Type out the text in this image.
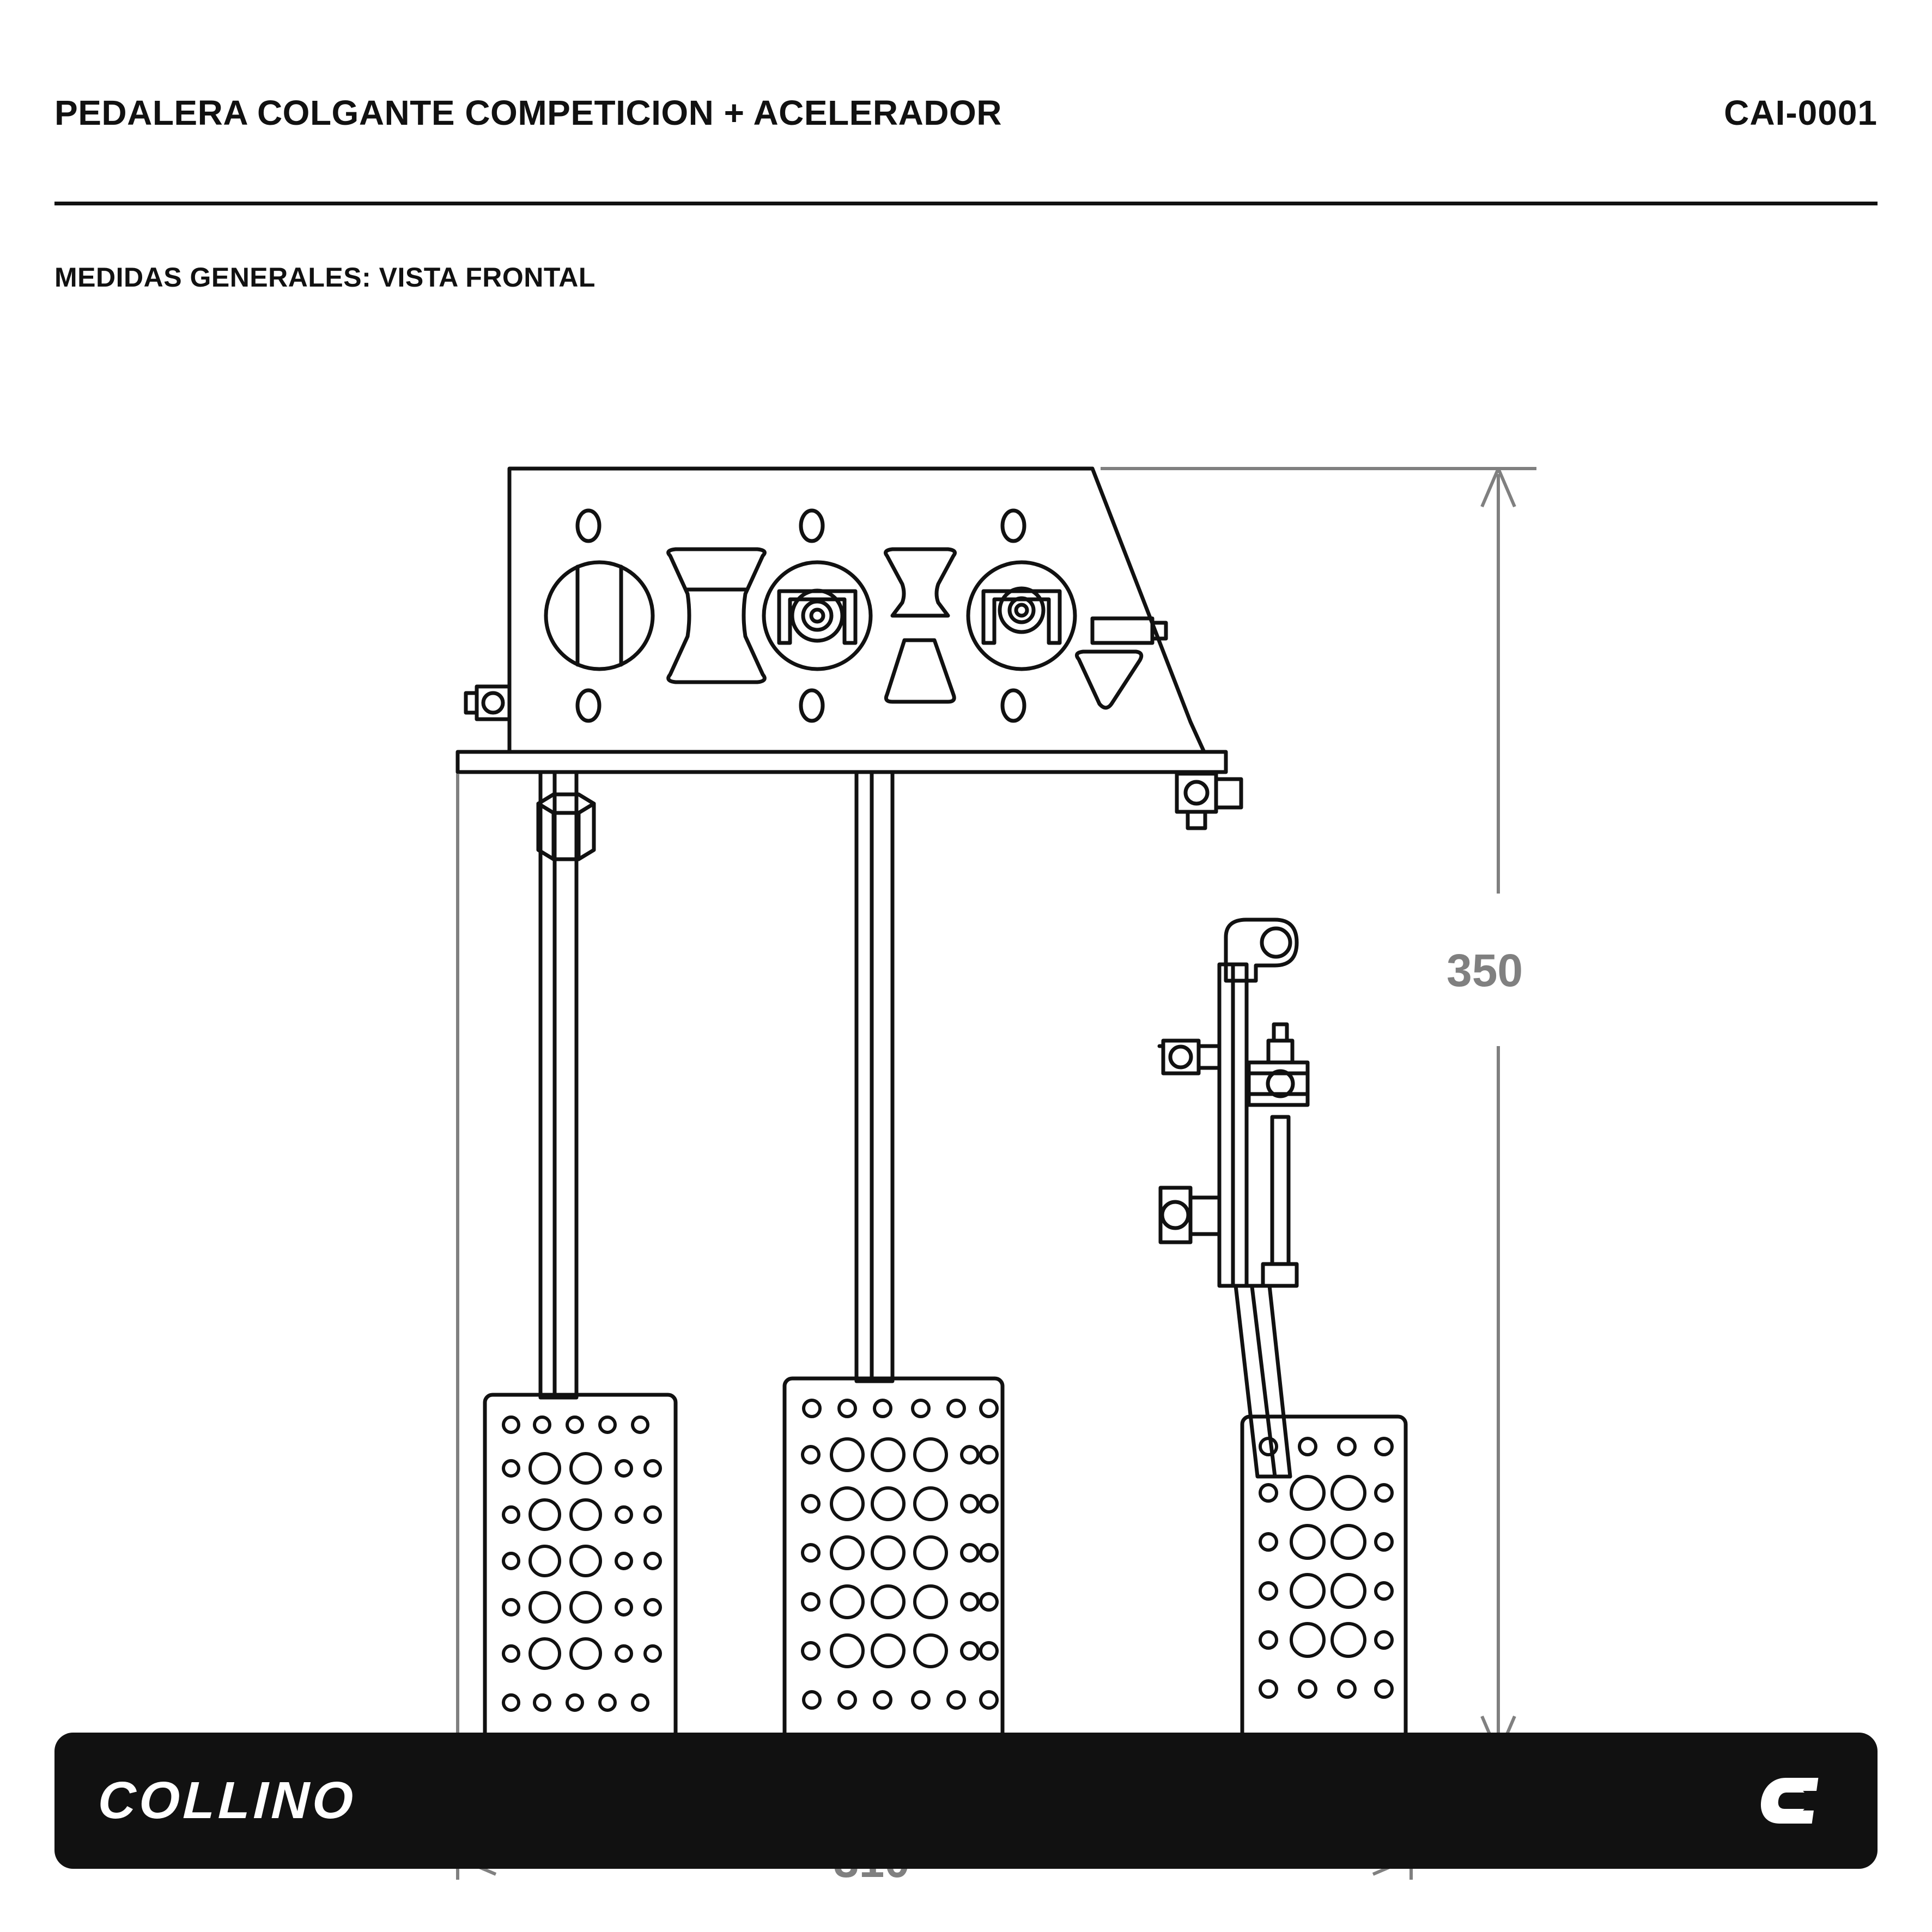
PEDALERA COLGANTE COMPETICION + ACELERADOR	CAI-0001
MEDIDAS GENERALES: VISTA FRONTAL
350
COLLINO
